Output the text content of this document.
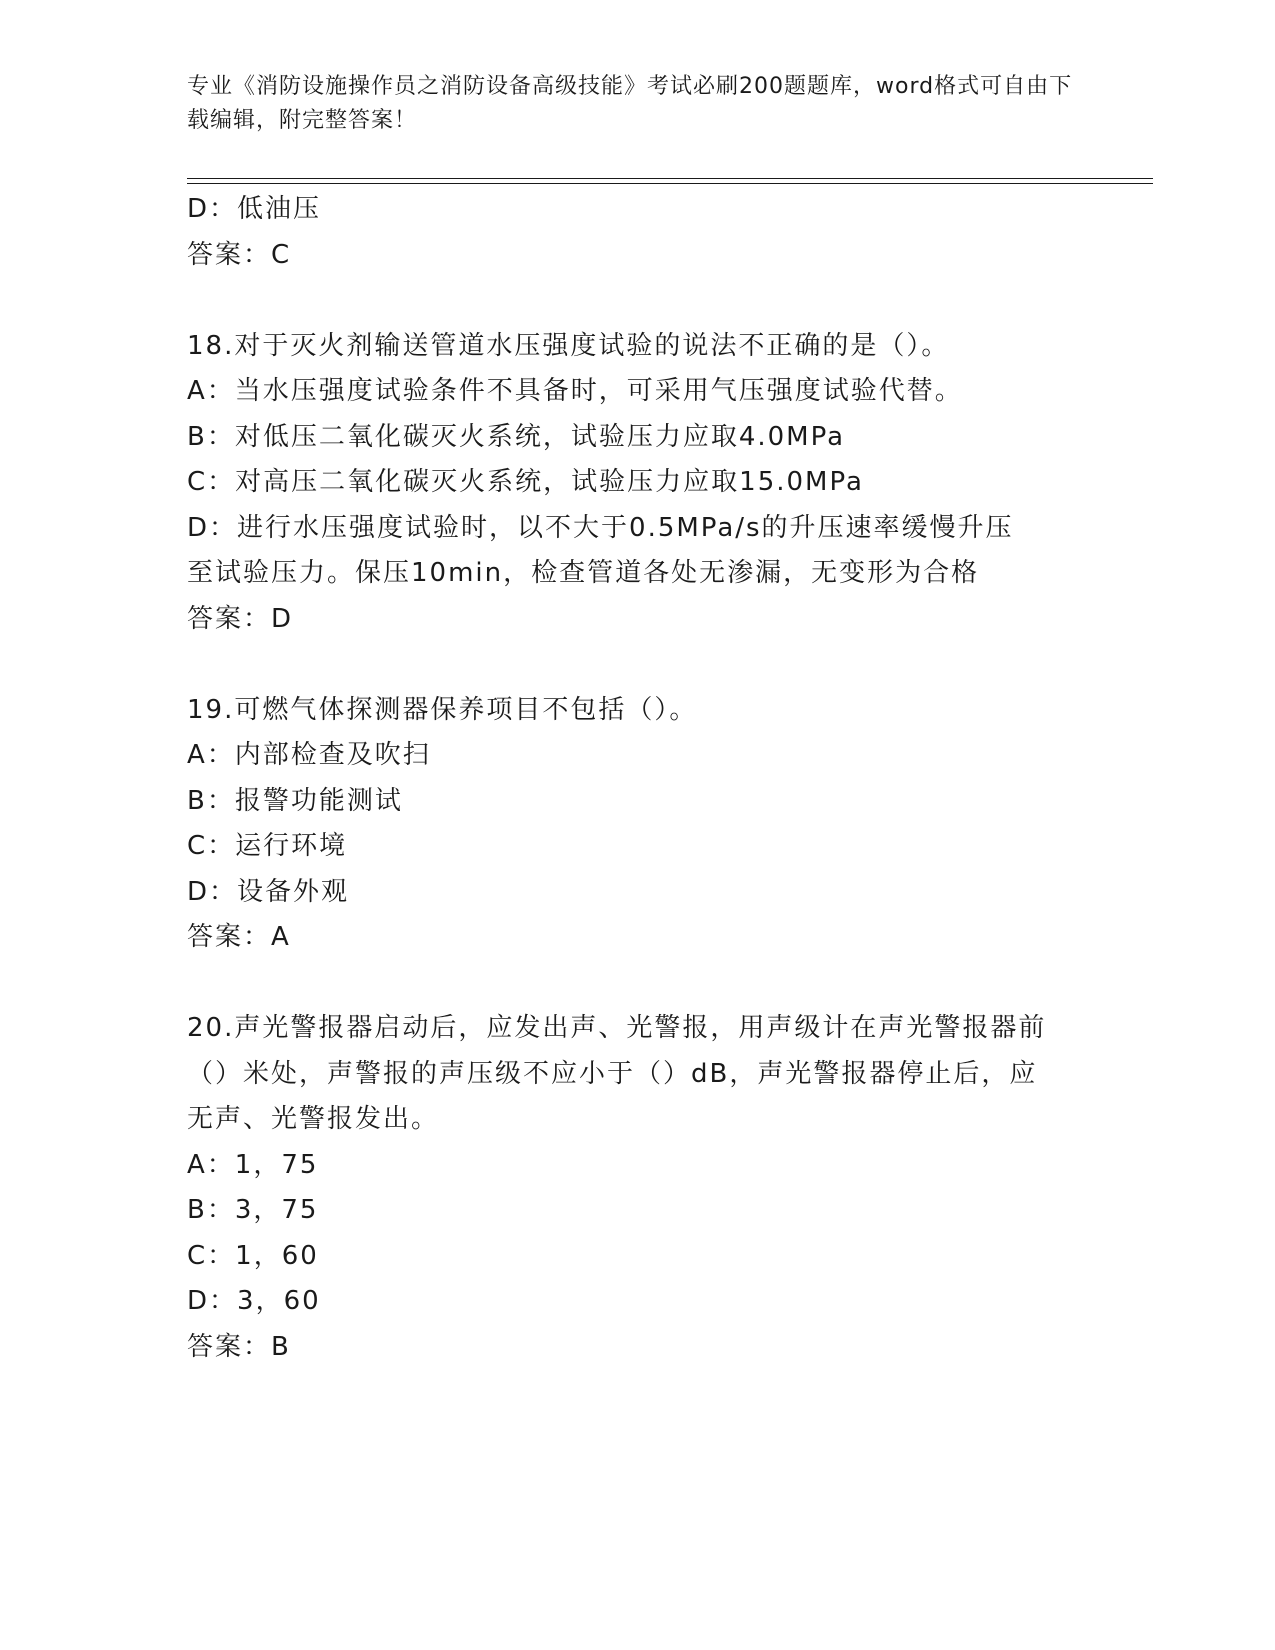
专业《消防设施操作员之消防设备高级技能》考试必刷200题题库，word格式可自由下载编辑，附完整答案！
D：低油压
答案：C
18.对于灭火剂输送管道水压强度试验的说法不正确的是（）。
A：当水压强度试验条件不具备时，可采用气压强度试验代替。
B：对低压二氧化碳灭火系统，试验压力应取4.0MPa
C：对高压二氧化碳灭火系统，试验压力应取15.0MPa
D：进行水压强度试验时，以不大于0.5MPa/s的升压速率缓慢升压至试验压力。保压10min，检查管道各处无渗漏，无变形为合格
答案：D
19.可燃气体探测器保养项目不包括（）。
A：内部检查及吹扫
B：报警功能测试
C：运行环境
D：设备外观
答案：A
20.声光警报器启动后，应发出声、光警报，用声级计在声光警报器前（）米处，声警报的声压级不应小于（）dB，声光警报器停止后，应无声、光警报发出。
A：1，75
B：3，75
C：1，60
D：3，60
答案：B
